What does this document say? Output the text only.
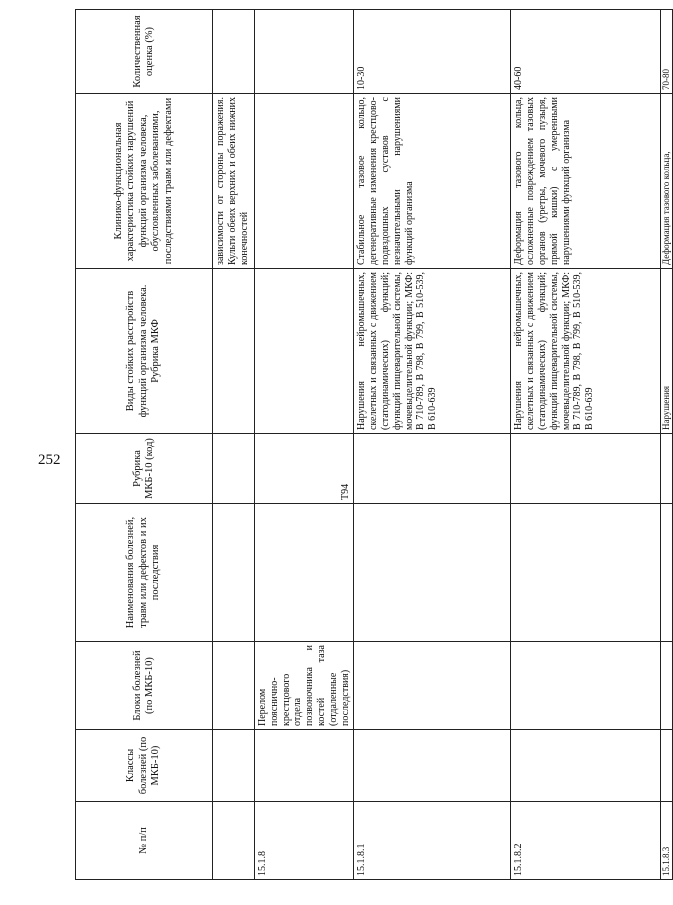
252
№ п/п	Классы болезней (по МКБ-10)	Блоки болезней (по МКБ-10)	Наименования болезней, травм или дефектов и их последствия	Рубрика МКБ-10 (код)	Виды стойких расстройств функций организма человека. Рубрика МКФ	Клинико-функциональная характеристика стойких нарушений функций организма человека, обусловленных заболеваниями, последствиями травм или дефектами	Количественная оценка (%)
						зависимости от стороны поражения. Культи обеих верхних и обеих нижних конечностей	
15.1.8		Перелом пояснично-крестцового отдела позвоночника и костей таза (отдаленные последствия)		Т94			
15.1.8.1					Нарушения нейромышечных, скелетных и связанных с движением (статодинамических) функций; функций пищеварительной системы, мочевыделительной функции; МКФ: В 710-789, В 798, В 799, В 510-539, В 610-639	Стабильное тазовое кольцо, дегенеративные изменения крестцово-подвздошных суставов с незначительными нарушениями функций организма	10-30
15.1.8.2					Нарушения нейромышечных, скелетных и связанных с движением (статодинамических) функций; функций пищеварительной системы, мочевыделительной функции; МКФ: В 710-789, В 798, В 799, В 510-539, В 610-639	Деформация тазового кольца, осложненные повреждением тазовых органов (уретры, мочевого пузыря, прямой кишки) с умеренными нарушениями функций организма	40-60
15.1.8.3					Нарушения	Деформация тазового кольца,	70-80
